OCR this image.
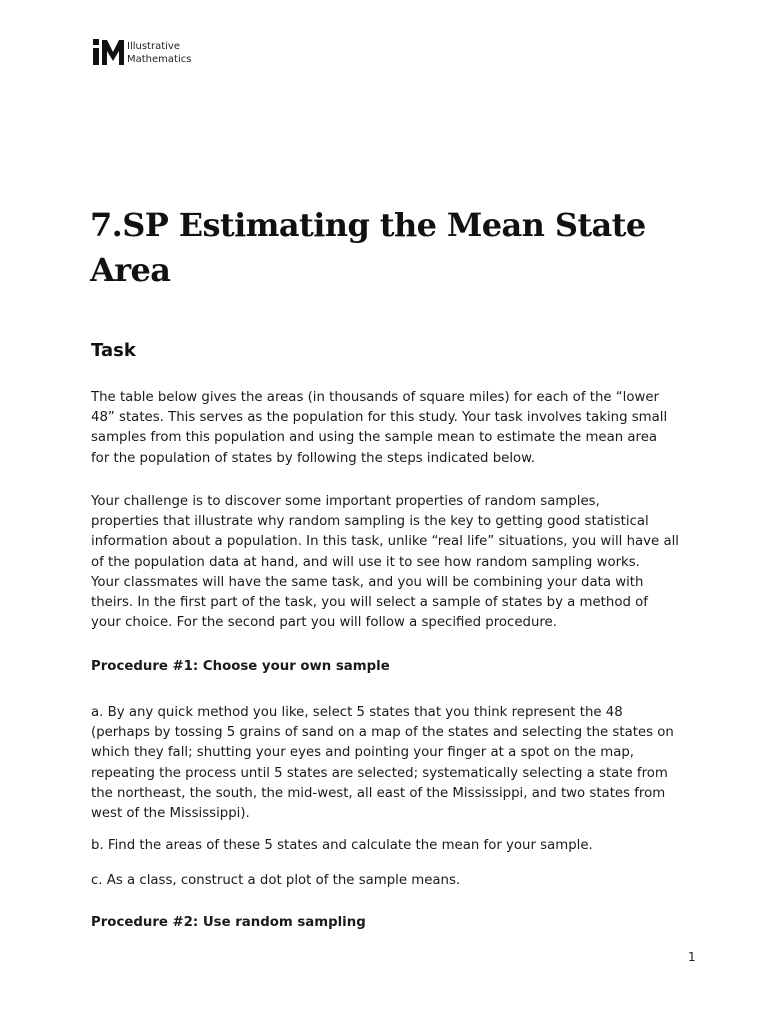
Illustrative
Mathematics
7.SP Estimating the Mean State
Area
Task
The table below gives the areas (in thousands of square miles) for each of the “lower
48” states. This serves as the population for this study. Your task involves taking small
samples from this population and using the sample mean to estimate the mean area
for the population of states by following the steps indicated below.
Your challenge is to discover some important properties of random samples,
properties that illustrate why random sampling is the key to getting good statistical
information about a population. In this task, unlike “real life” situations, you will have all
of the population data at hand, and will use it to see how random sampling works.
Your classmates will have the same task, and you will be combining your data with
theirs. In the first part of the task, you will select a sample of states by a method of
your choice. For the second part you will follow a specified procedure.
Procedure #1: Choose your own sample
a. By any quick method you like, select 5 states that you think represent the 48
(perhaps by tossing 5 grains of sand on a map of the states and selecting the states on
which they fall; shutting your eyes and pointing your finger at a spot on the map,
repeating the process until 5 states are selected; systematically selecting a state from
the northeast, the south, the mid-west, all east of the Mississippi, and two states from
west of the Mississippi).
b. Find the areas of these 5 states and calculate the mean for your sample.
c. As a class, construct a dot plot of the sample means.
Procedure #2: Use random sampling
1
